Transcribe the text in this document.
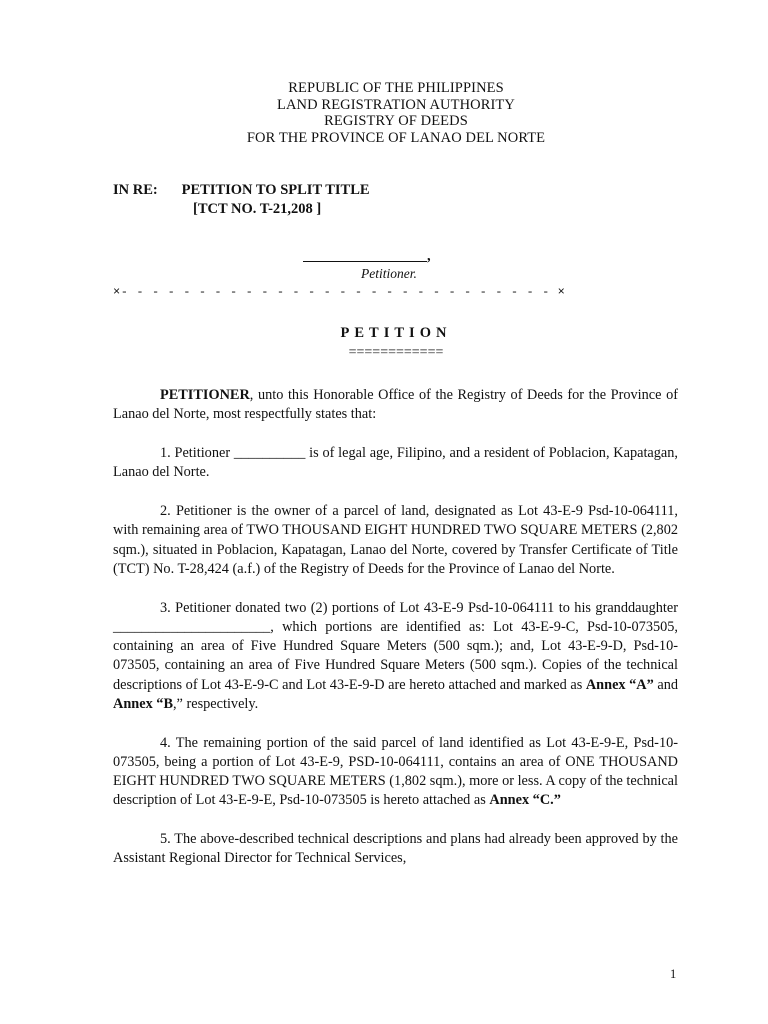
REPUBLIC OF THE PHILIPPINES
LAND REGISTRATION AUTHORITY
REGISTRY OF DEEDS
FOR THE PROVINCE OF LANAO DEL NORTE
IN RE: PETITION TO SPLIT TITLE
[TCT NO. T-21,208 ]
,
Petitioner.
×- - - - - - - - - - - - - - - - - - - - - - - - - - - - ×
PETITION
============

PETITIONER, unto this Honorable Office of the Registry of Deeds for the Province of Lanao del Norte, most respectfully states that:

1. Petitioner __________ is of legal age, Filipino, and a resident of Poblacion, Kapatagan, Lanao del Norte.

2. Petitioner is the owner of a parcel of land, designated as Lot 43-E-9 Psd-10-064111, with remaining area of TWO THOUSAND EIGHT HUNDRED TWO SQUARE METERS (2,802 sqm.), situated in Poblacion, Kapatagan, Lanao del Norte, covered by Transfer Certificate of Title (TCT) No. T-28,424 (a.f.) of the Registry of Deeds for the Province of Lanao del Norte.

3. Petitioner donated two (2) portions of Lot 43-E-9 Psd-10-064111 to his granddaughter ______________________, which portions are identified as: Lot 43-E-9-C, Psd-10-073505, containing an area of Five Hundred Square Meters (500 sqm.); and, Lot 43-E-9-D, Psd-10-073505, containing an area of Five Hundred Square Meters (500 sqm.). Copies of the technical descriptions of Lot 43-E-9-C and Lot 43-E-9-D are hereto attached and marked as Annex “A” and Annex “B,” respectively.

4. The remaining portion of the said parcel of land identified as Lot 43-E-9-E, Psd-10-073505, being a portion of Lot 43-E-9, PSD-10-064111, contains an area of ONE THOUSAND EIGHT HUNDRED TWO SQUARE METERS (1,802 sqm.), more or less. A copy of the technical description of Lot 43-E-9-E, Psd-10-073505 is hereto attached as Annex “C.”

5. The above-described technical descriptions and plans had already been approved by the Assistant Regional Director for Technical Services,

1
